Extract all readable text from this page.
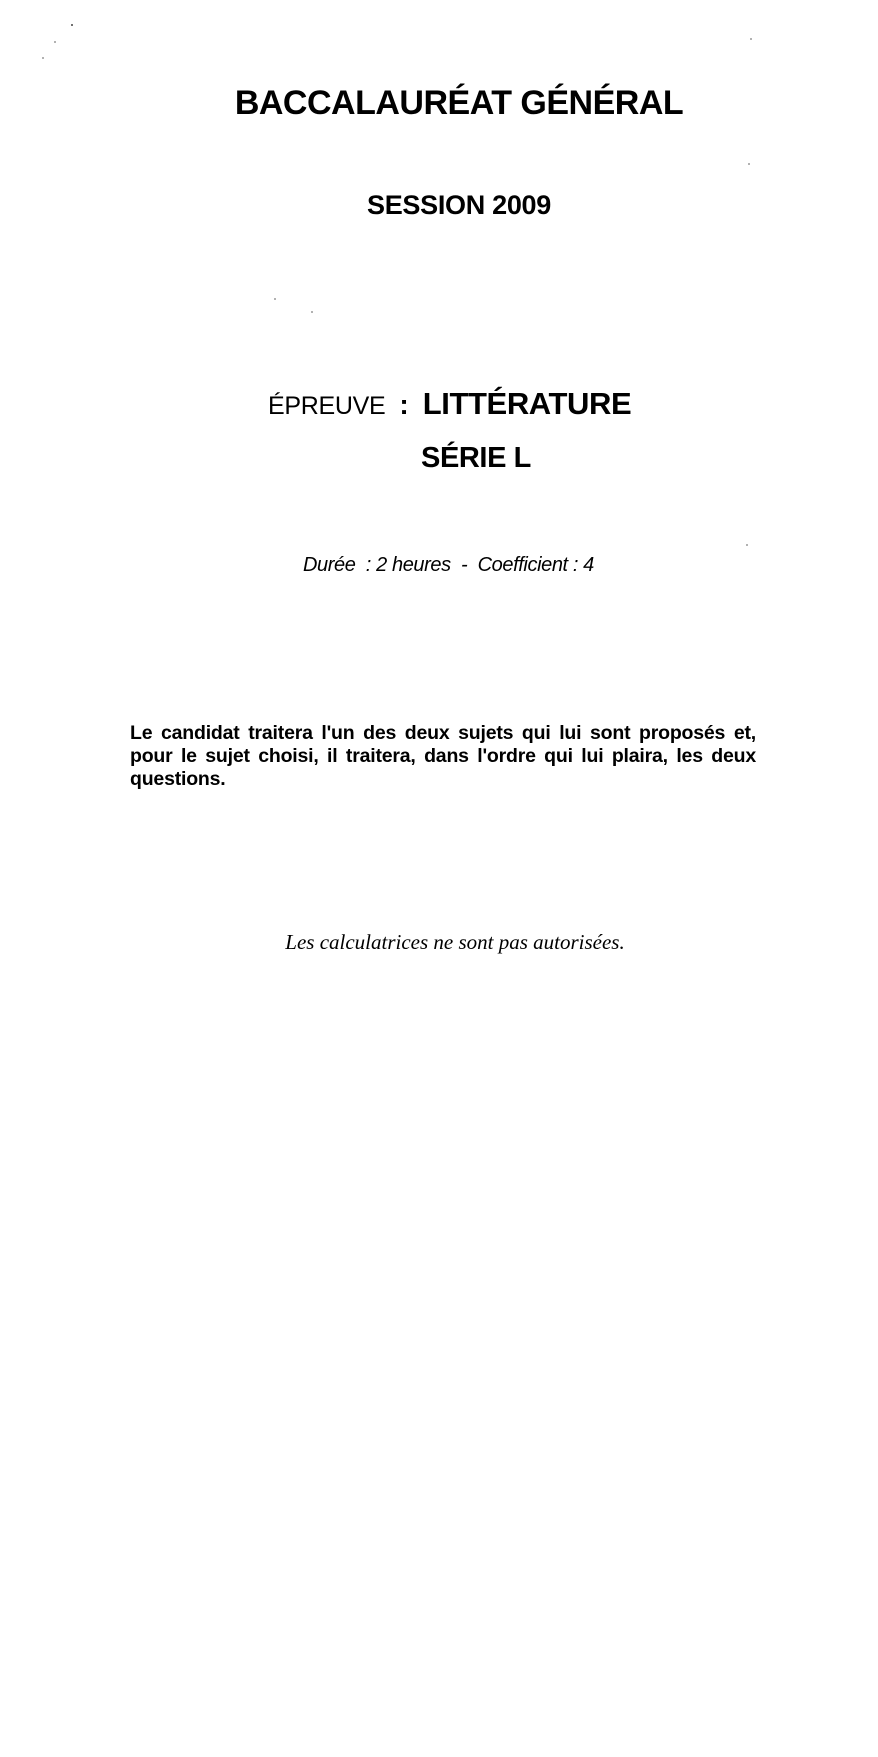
BACCALAURÉAT GÉNÉRAL
SESSION 2009
ÉPREUVE : LITTÉRATURE
SÉRIE L
Durée  : 2 heures  -  Coefficient : 4
Le candidat traitera l'un des deux sujets qui lui sont proposés et, pour le sujet choisi, il traitera, dans l'ordre qui lui plaira, les deux questions.
Les calculatrices ne sont pas autorisées.
